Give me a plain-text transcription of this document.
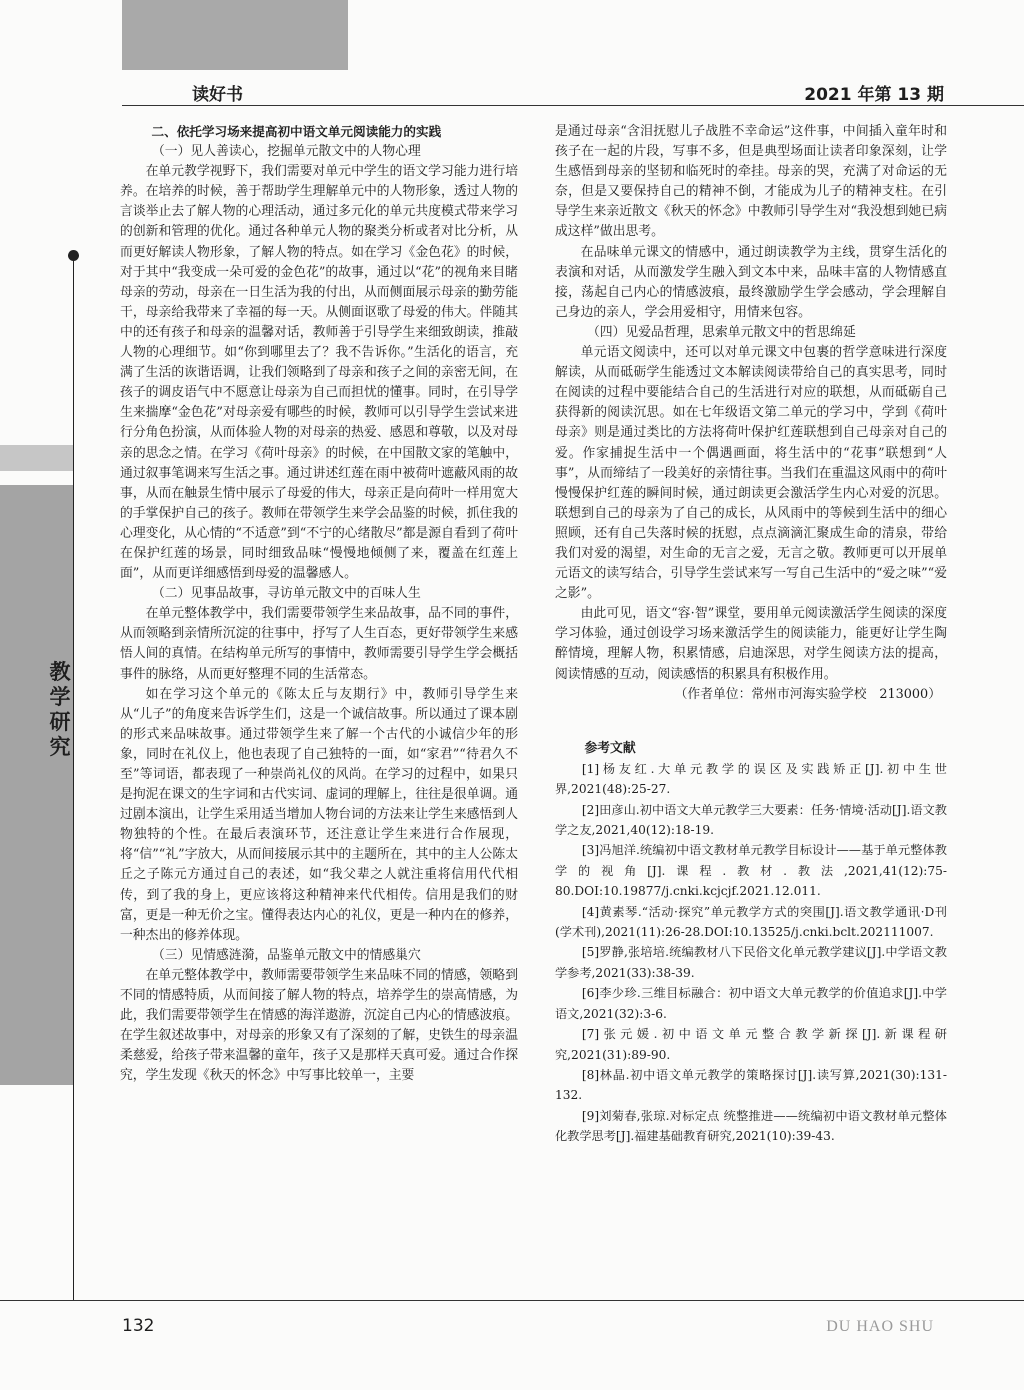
读好书	2021 年第 13 期
教
学
研
究

二、依托学习场来提高初中语文单元阅读能力的实践

（一）见人善读心，挖掘单元散文中的人物心理

在单元教学视野下，我们需要对单元中学生的语文学习能力进行培养。在培养的时候，善于帮助学生理解单元中的人物形象，透过人物的言谈举止去了解人物的心理活动，通过多元化的单元共度模式带来学习的创新和管理的优化。通过各种单元人物的聚类分析或者对比分析，从而更好解读人物形象，了解人物的特点。如在学习《金色花》的时候，对于其中“我变成一朵可爱的金色花”的故事，通过以“花”的视角来目睹母亲的劳动，母亲在一日生活为我的付出，从而侧面展示母亲的勤劳能干，母亲给我带来了幸福的每一天。从侧面讴歌了母爱的伟大。伴随其中的还有孩子和母亲的温馨对话，教师善于引导学生来细致朗读，推敲人物的心理细节。如“你到哪里去了？我不告诉你。”生活化的语言，充满了生活的诙谐语调，让我们领略到了母亲和孩子之间的亲密无间，在孩子的调皮语气中不愿意让母亲为自己而担忧的懂事。同时，在引导学生来揣摩“金色花”对母亲爱有哪些的时候，教师可以引导学生尝试来进行分角色扮演，从而体验人物的对母亲的热爱、感恩和尊敬，以及对母亲的思念之情。在学习《荷叶母亲》的时候，在中国散文家的笔触中，通过叙事笔调来写生活之事。通过讲述红莲在雨中被荷叶遮蔽风雨的故事，从而在触景生情中展示了母爱的伟大，母亲正是向荷叶一样用宽大的手掌保护自己的孩子。教师在带领学生来学会品鉴的时候，抓住我的心理变化，从心情的“不适意”到“不宁的心绪散尽”都是源自看到了荷叶在保护红莲的场景，同时细致品味“慢慢地倾侧了来，覆盖在红莲上面”，从而更详细感悟到母爱的温馨感人。

（二）见事品故事，寻访单元散文中的百味人生

在单元整体教学中，我们需要带领学生来品故事，品不同的事件，从而领略到亲情所沉淀的往事中，抒写了人生百态，更好带领学生来感悟人间的真情。在结构单元所写的事情中，教师需要引导学生学会概括事件的脉络，从而更好整理不同的生活常态。

如在学习这个单元的《陈太丘与友期行》中，教师引导学生来从“儿子”的角度来告诉学生们，这是一个诚信故事。所以通过了课本剧的形式来品味故事。通过带领学生来了解一个古代的小诚信少年的形象，同时在礼仪上，他也表现了自己独特的一面，如“家君”“待君久不至”等词语，都表现了一种崇尚礼仪的风尚。在学习的过程中，如果只是拘泥在课文的生字词和古代实词、虚词的理解上，往往是很单调。通过剧本演出，让学生采用适当增加人物台词的方法来让学生来感悟到人物独特的个性。在最后表演环节，还注意让学生来进行合作展现，将“信”“礼”字放大，从而间接展示其中的主题所在，其中的主人公陈太丘之子陈元方通过自己的表述，如“我父辈之人就注重将信用代代相传，到了我的身上，更应该将这种精神来代代相传。信用是我们的财富，更是一种无价之宝。懂得表达内心的礼仪，更是一种内在的修养，一种杰出的修养体现。

（三）见情感涟漪，品鉴单元散文中的情感巢穴

在单元整体教学中，教师需要带领学生来品味不同的情感，领略到不同的情感特质，从而间接了解人物的特点，培养学生的崇高情感，为此，我们需要带领学生在情感的海洋遨游，沉淀自己内心的情感波痕。在学生叙述故事中，对母亲的形象又有了深刻的了解，史铁生的母亲温柔慈爱，给孩子带来温馨的童年，孩子又是那样天真可爱。通过合作探究，学生发现《秋天的怀念》中写事比较单一，主要

是通过母亲“含泪抚慰儿子战胜不幸命运”这件事，中间插入童年时和孩子在一起的片段，写事不多，但是典型场面让读者印象深刻，让学生感悟到母亲的坚韧和临死时的牵挂。母亲的哭，充满了对命运的无奈，但是又要保持自己的精神不倒，才能成为儿子的精神支柱。在引导学生来亲近散文《秋天的怀念》中教师引导学生对“我没想到她已病成这样”做出思考。

在品味单元课文的情感中，通过朗读教学为主线，贯穿生活化的表演和对话，从而激发学生融入到文本中来，品味丰富的人物情感直接，荡起自己内心的情感波痕，最终激励学生学会感动，学会理解自己身边的亲人，学会用爱相守，用情来包容。

（四）见爱品哲理，思索单元散文中的哲思绵延

单元语文阅读中，还可以对单元课文中包裹的哲学意味进行深度解读，从而砥砺学生能透过文本解读阅读带给自己的真实思考，同时在阅读的过程中要能结合自己的生活进行对应的联想，从而砥砺自己获得新的阅读沉思。如在七年级语文第二单元的学习中，学到《荷叶母亲》则是通过类比的方法将荷叶保护红莲联想到自己母亲对自己的爱。作家捕捉生活中一个偶遇画面，将生活中的“花事”联想到“人事”，从而缔结了一段美好的亲情往事。当我们在重温这风雨中的荷叶慢慢保护红莲的瞬间时候，通过朗读更会激活学生内心对爱的沉思。联想到自己的母亲为了自己的成长，从风雨中的等候到生活中的细心照顾，还有自己失落时候的抚慰，点点滴滴汇聚成生命的清泉，带给我们对爱的渴望，对生命的无言之爱，无言之敬。教师更可以开展单元语文的读写结合，引导学生尝试来写一写自己生活中的“爱之味”“爱之影”。

由此可见，语文“容·智”课堂，要用单元阅读激活学生阅读的深度学习体验，通过创设学习场来激活学生的阅读能力，能更好让学生陶醉情境，理解人物，积累情感，启迪深思，对学生阅读方法的提高，阅读情感的互动，阅读感悟的积累具有积极作用。

（作者单位：常州市河海实验学校　213000）

参考文献

[1]杨友红.大单元教学的误区及实践矫正[J].初中生世界,2021(48):25-27.

[2]田彦山.初中语文大单元教学三大要素：任务·情境·活动[J].语文教学之友,2021,40(12):18-19.

[3]冯旭洋.统编初中语文教材单元教学目标设计——基于单元整体教学的视角[J].课程.教材.教法,2021,41(12):75-80.DOI:10.19877/j.cnki.kcjcjf.2021.12.011.

[4]黄素琴.“活动·探究”单元教学方式的突围[J].语文教学通讯·D刊(学术刊),2021(11):26-28.DOI:10.13525/j.cnki.bclt.202111007.

[5]罗静,张培培.统编教材八下民俗文化单元教学建议[J].中学语文教学参考,2021(33):38-39.

[6]李少珍.三维目标融合：初中语文大单元教学的价值追求[J].中学语文,2021(32):3-6.

[7]张元媛.初中语文单元整合教学新探[J].新课程研究,2021(31):89-90.

[8]林晶.初中语文单元教学的策略探讨[J].读写算,2021(30):131-132.

[9]刘菊春,张琼.对标定点 统整推进——统编初中语文教材单元整体化教学思考[J].福建基础教育研究,2021(10):39-43.

132	DU HAO SHU
